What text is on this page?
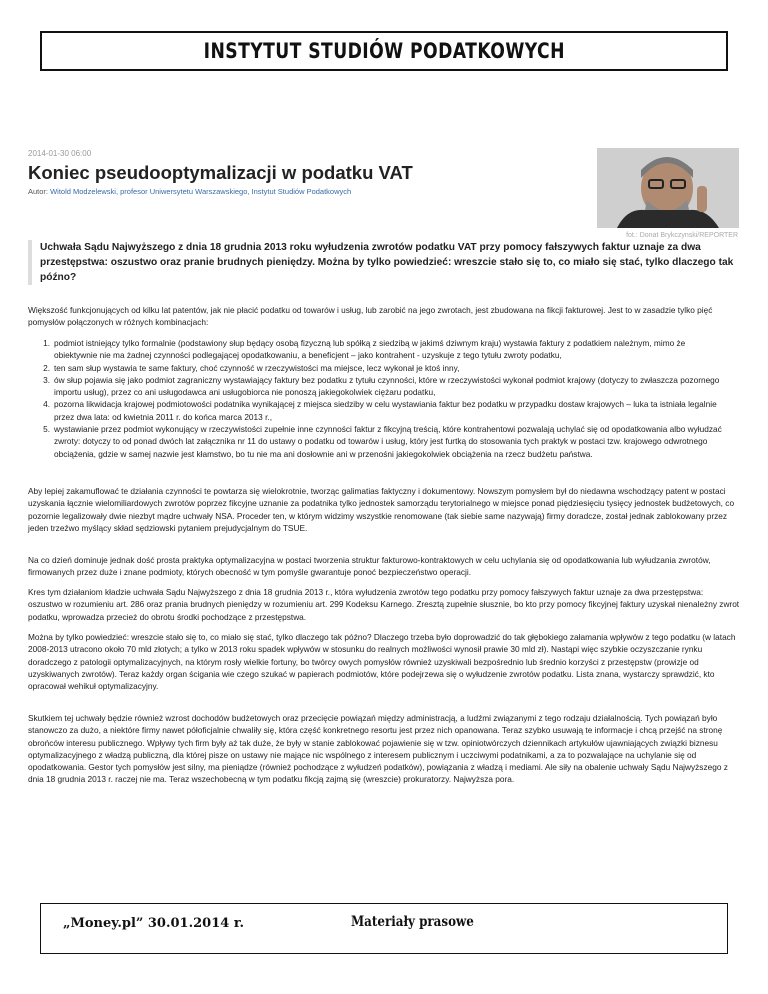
INSTYTUT STUDIÓW PODATKOWYCH
2014-01-30 06:00
Koniec pseudooptymalizacji w podatku VAT
Autor: Witold Modzelewski, profesor Uniwersytetu Warszawskiego, Instytut Studiów Podatkowych
fot.: Donat Brykczynski/REPORTER
Uchwała Sądu Najwyższego z dnia 18 grudnia 2013 roku wyłudzenia zwrotów podatku VAT przy pomocy fałszywych faktur uznaje za dwa przestępstwa: oszustwo oraz pranie brudnych pieniędzy. Można by tylko powiedzieć: wreszcie stało się to, co miało się stać, tylko dlaczego tak późno?
Większość funkcjonujących od kilku lat patentów, jak nie płacić podatku od towarów i usług, lub zarobić na jego zwrotach, jest zbudowana na fikcji fakturowej. Jest to w zasadzie tylko pięć pomysłów połączonych w różnych kombinacjach:
1. podmiot istniejący tylko formalnie (podstawiony słup będący osobą fizyczną lub spółką z siedzibą w jakimś dziwnym kraju) wystawia faktury z podatkiem należnym, mimo że obiektywnie nie ma żadnej czynności podlegającej opodatkowaniu, a beneficjent – jako kontrahent - uzyskuje z tego tytułu zwroty podatku,
2. ten sam słup wystawia te same faktury, choć czynność w rzeczywistości ma miejsce, lecz wykonał je ktoś inny,
3. ów słup pojawia się jako podmiot zagraniczny wystawiający faktury bez podatku z tytułu czynności, które w rzeczywistości wykonał podmiot krajowy (dotyczy to zwłaszcza pozornego importu usług), przez co ani usługodawca ani usługobiorca nie ponoszą jakiegokolwiek ciężaru podatku,
4. pozorna likwidacja krajowej podmiotowości podatnika wynikającej z miejsca siedziby w celu wystawiania faktur bez podatku w przypadku dostaw krajowych – luka ta istniała legalnie przez dwa lata: od kwietnia 2011 r. do końca marca 2013 r.,
5. wystawianie przez podmiot wykonujący w rzeczywistości zupełnie inne czynności faktur z fikcyjną treścią, które kontrahentowi pozwalają uchylać się od opodatkowania albo wyłudzać zwroty: dotyczy to od ponad dwóch lat załącznika nr 11 do ustawy o podatku od towarów i usług, który jest furtką do stosowania tych praktyk w postaci tzw. krajowego odwrotnego obciążenia, gdzie w samej nazwie jest kłamstwo, bo tu nie ma ani dosłownie ani w przenośni jakiegokolwiek obciążenia na rzecz budżetu państwa.
Aby lepiej zakamuflować te działania czynności te powtarza się wielokrotnie, tworząc galimatias faktyczny i dokumentowy. Nowszym pomysłem był do niedawna wschodzący patent w postaci uzyskania łącznie wielomiliardowych zwrotów poprzez fikcyjne uznanie za podatnika tylko jednostek samorządu terytorialnego w miejsce ponad piędziesięciu tysięcy jednostek budżetowych, co pozornie legalizowały dwie niezbyt mądre uchwały NSA. Proceder ten, w którym widzimy wszystkie renomowane (tak siebie same nazywają) firmy doradcze, został jednak zablokowany przez jeden trzeźwo myślący skład sędziowski pytaniem prejudycjalnym do TSUE.
Na co dzień dominuje jednak dość prosta praktyka optymalizacyjna w postaci tworzenia struktur fakturowo-kontraktowych w celu uchylania się od opodatkowania lub wyłudzania zwrotów, firmowanych przez duże i znane podmioty, których obecność w tym pomyśle gwarantuje ponoć bezpieczeństwo operacji.
Kres tym działaniom kładzie uchwała Sądu Najwyższego z dnia 18 grudnia 2013 r., która wyłudzenia zwrotów tego podatku przy pomocy fałszywych faktur uznaje za dwa przestępstwa: oszustwo w rozumieniu art. 286 oraz prania brudnych pieniędzy w rozumieniu art. 299 Kodeksu Karnego. Zresztą zupełnie słusznie, bo kto przy pomocy fikcyjnej faktury uzyskał nienależny zwrot podatku, wprowadza przecież do obrotu środki pochodzące z przestępstwa.
Można by tylko powiedzieć: wreszcie stało się to, co miało się stać, tylko dlaczego tak późno? Dlaczego trzeba było doprowadzić do tak głębokiego załamania wpływów z tego podatku (w latach 2008-2013 utracono około 70 mld złotych; a tylko w 2013 roku spadek wpływów w stosunku do realnych możliwości wynosił prawie 30 mld zł). Nastąpi więc szybkie oczyszczanie rynku doradczego z patologii optymalizacyjnych, na którym rosły wielkie fortuny, bo twórcy owych pomysłów również uzyskiwali bezpośrednio lub średnio korzyści z przestępstw (prowizje od uzyskiwanych zwrotów). Teraz każdy organ ścigania wie czego szukać w papierach podmiotów, które podejrzewa się o wyłudzenie zwrotów podatku. Lista znana, wystarczy sprawdzić, kto opracował wehikuł optymalizacyjny.
Skutkiem tej uchwały będzie również wzrost dochodów budżetowych oraz przecięcie powiązań między administracją, a ludźmi związanymi z tego rodzaju działalnością. Tych powiązań było stanowczo za dużo, a niektóre firmy nawet półoficjalnie chwaliły się, która część konkretnego resortu jest przez nich opanowana. Teraz szybko usuwają te informacje i chcą przejść na stronę obrońców interesu publicznego. Wpływy tych firm były aż tak duże, że były w stanie zablokować pojawienie się w tzw. opiniotwórczych dziennikach artykułów ujawniających związki biznesu optymalizacyjnego z władzą publiczną, dla której pisze on ustawy nie mające nic wspólnego z interesem publicznym i uczciwymi podatnikami, a za to pozwalające na uchylanie się od opodatkowania. Gestor tych pomysłów jest silny, ma pieniądze (również pochodzące z wyłudzeń podatków), powiązania z władzą i mediami. Ale siły na obalenie uchwały Sądu Najwyższego z dnia 18 grudnia 2013 r. raczej nie ma. Teraz wszechobecną w tym podatku fikcją zajmą się (wreszcie) prokuratorzy. Najwyższa pora.
„Money.pl” 30.01.2014 r.	Materiały prasowe
